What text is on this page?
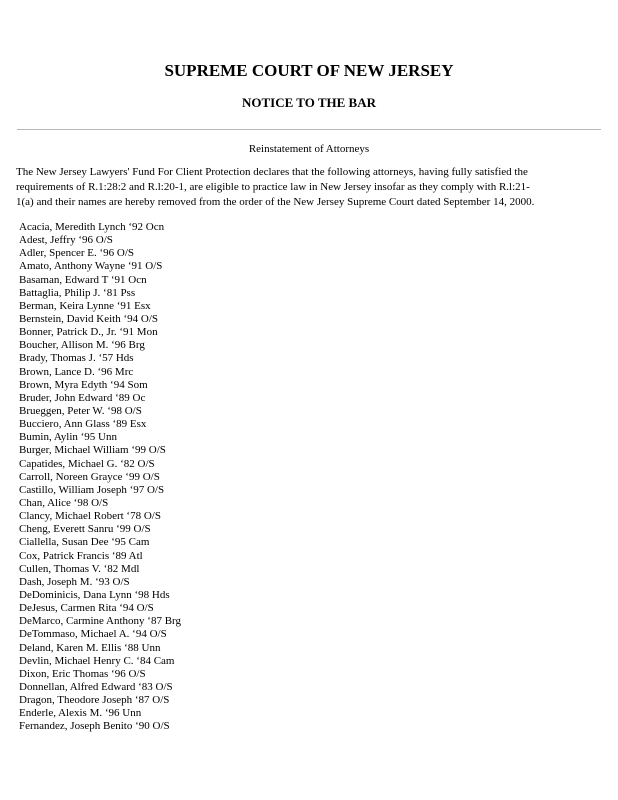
SUPREME COURT OF NEW JERSEY
NOTICE TO THE BAR
Reinstatement of Attorneys
The New Jersey Lawyers' Fund For Client Protection declares that the following attorneys, having fully satisfied the
requirements of R.1:28:2 and R.l:20-1, are eligible to practice law in New Jersey insofar as they comply with R.l:21-
1(a) and their names are hereby removed from the order of the New Jersey Supreme Court dated September 14, 2000.
Acacia, Meredith Lynch ‘92 Ocn
Adest, Jeffry ‘96 O/S
Adler, Spencer E. ‘96 O/S
Amato, Anthony Wayne ‘91 O/S
Basaman, Edward T ‘91 Ocn
Battaglia, Philip J. ‘81 Pss
Berman, Keira Lynne ‘91 Esx
Bernstein, David Keith ‘94 O/S
Bonner, Patrick D., Jr. ‘91 Mon
Boucher, Allison M. ‘96 Brg
Brady, Thomas J. ‘57 Hds
Brown, Lance D. ‘96 Mrc
Brown, Myra Edyth ‘94 Som
Bruder, John Edward ‘89 Oc
Brueggen, Peter W. ‘98 O/S
Bucciero, Ann Glass ‘89 Esx
Bumin, Aylin ‘95 Unn
Burger, Michael William ‘99 O/S
Capatides, Michael G. ‘82 O/S
Carroll, Noreen Grayce ‘99 O/S
Castillo, William Joseph ‘97 O/S
Chan, Alice ‘98 O/S
Clancy, Michael Robert ‘78 O/S
Cheng, Everett Sanru ‘99 O/S
Ciallella, Susan Dee ‘95 Cam
Cox, Patrick Francis ‘89 Atl
Cullen, Thomas V. ‘82 Mdl
Dash, Joseph M. ‘93 O/S
DeDominicis, Dana Lynn ‘98 Hds
DeJesus, Carmen Rita ‘94 O/S
DeMarco, Carmine Anthony ‘87 Brg
DeTommaso, Michael A. ‘94 O/S
Deland, Karen M. Ellis ‘88 Unn
Devlin, Michael Henry C. ‘84 Cam
Dixon, Eric Thomas ‘96 O/S
Donnellan, Alfred Edward ‘83 O/S
Dragon, Theodore Joseph ‘87 O/S
Enderle, Alexis M. ‘96 Unn
Fernandez, Joseph Benito ‘90 O/S
